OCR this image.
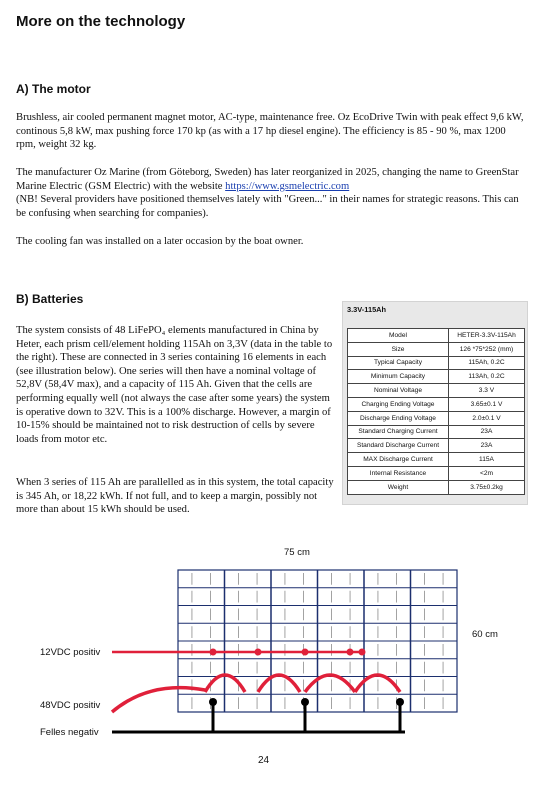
More on the technology
A) The motor

Brushless, air cooled permanent magnet motor, AC-type, maintenance free. Oz EcoDrive Twin with peak effect 9,6 kW, continous 5,8 kW, max pushing force 170 kp (as with a 17 hp diesel engine). The efficiency is 85 - 90 %, max 1200 rpm, weight 32 kg.

The manufacturer Oz Marine (from Göteborg, Sweden) has later reorganized in 2025, changing the name to GreenStar Marine Electric (GSM Electric) with the website https://www.gsmelectric.com
(NB! Several providers have positioned themselves lately with "Green..." in their names for strategic reasons. This can be confusing when searching for companies).

The cooling fan was installed on a later occasion by the boat owner.

B) Batteries

The system consists of 48 LiFePO₄ elements manufactured in China by Heter, each prism cell/element holding 115Ah on 3,3V (data in the table to the right). These are connected in 3 series containing 16 elements in each (see illustration below). One series will then have a nominal voltage of 52,8V (58,4V max), and a capacity of 115 Ah. Given that the cells are performing equally well (not always the case after some years) the system is operative down to 32V. This is a 100% discharge. However, a margin of 10-15% should be maintained not to risk destruction of cells by severe loads from motor etc.

When 3 series of 115 Ah are parallelled as in this system, the total capacity is 345 Ah, or 18,22 kWh. If not full, and to keep a margin, possibly not more than about 15 kWh should be used.

3.3V-115Ah
Model	HETER-3.3V-115Ah
Size	126 *75*252 (mm)
Typical Capacity	115Ah, 0.2C
Minimum Capacity	113Ah, 0.2C
Nominal Voltage	3.3 V
Charging Ending Voltage	3.65±0.1 V
Discharge Ending Voltage	2.0±0.1 V
Standard Charging Current	23A
Standard Discharge Current	23A
MAX Discharge Current	115A
Internal Resistance	<2m
Weight	3.75±0.2kg
75 cm
60 cm
12VDC positiv
48VDC positiv
Felles negativ
24
